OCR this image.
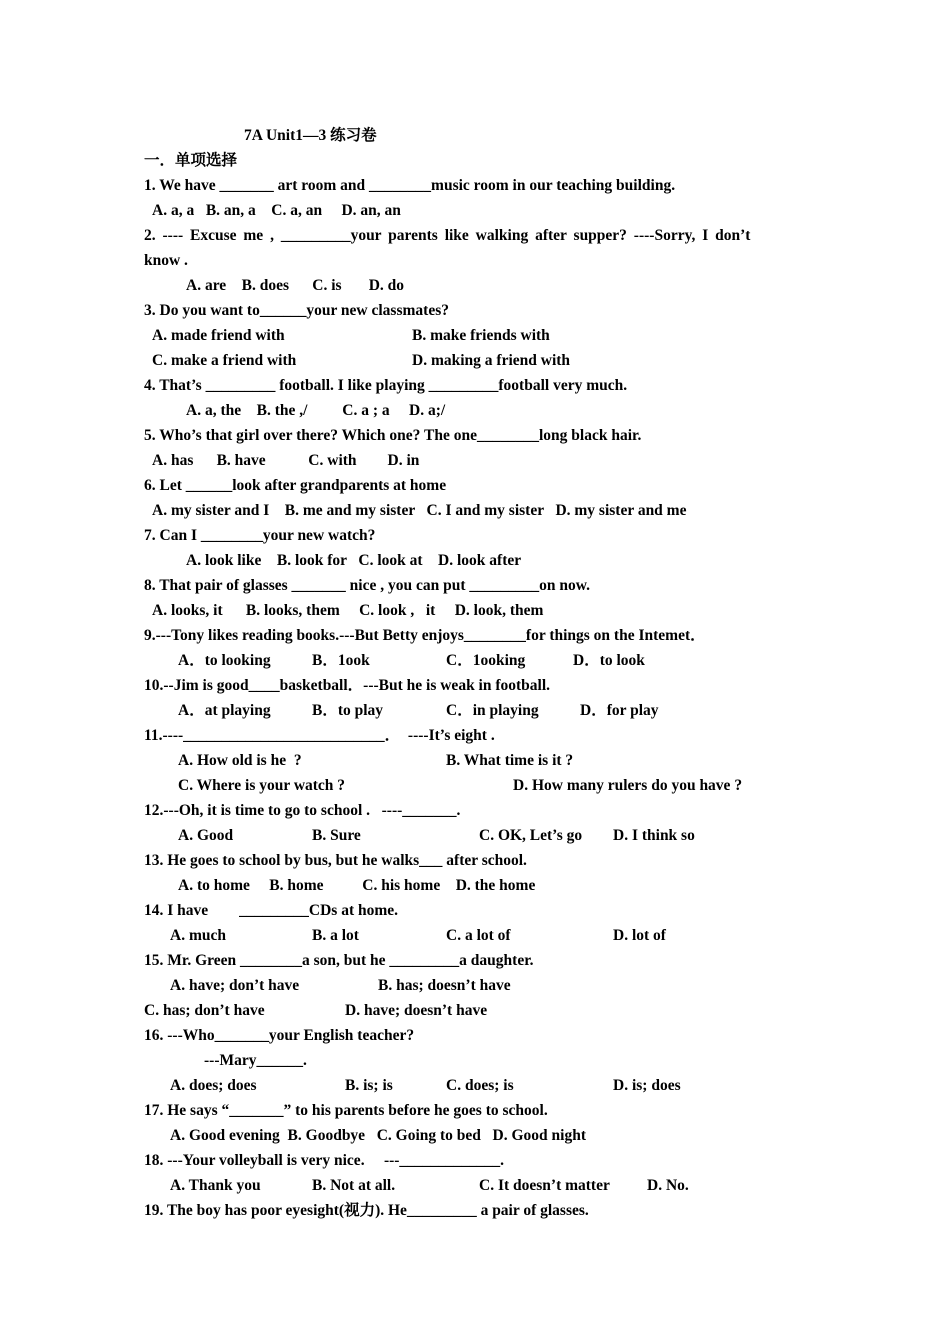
7A Unit1—3 练习卷
一．单项选择
1. We have _______ art room and ________music room in our teaching building.
A. a, a   B. an, a    C. a, an     D. an, an
2. ---- Excuse me , _________your parents like walking after supper? ----Sorry, I don’t
know .
A. are    B. does      C. is       D. do
3. Do you want to______your new classmates?
A. made friend with	B. make friends with
C. make a friend with	D. making a friend with
4. That’s _________ football. I like playing _________football very much.
A. a, the    B. the ,/         C. a ; a     D. a;/
5. Who’s that girl over there? Which one? The one________long black hair.
A. has      B. have           C. with        D. in
6. Let ______look after grandparents at home
A. my sister and I    B. me and my sister   C. I and my sister   D. my sister and me
7. Can I ________your new watch?
A. look like    B. look for   C. look at    D. look after
8. That pair of glasses _______ nice , you can put _________on now.
A. looks, it      B. looks, them     C. look ,   it     D. look, them
9.---Tony likes reading books.---But Betty enjoys________for things on the Intemet．
A．to looking	B．1ook	C．1ooking	D．to look
10.--Jim is good____basketball．---But he is weak in football.
A．at playing	B．to play	C．in playing	D．for play
11.----__________________________．  ----It’s eight .
A. How old is he  ?	B. What time is it ?
C. Where is your watch ?	D. How many rulers do you have ?
12.---Oh, it is time to go to school .   ----_______.
A. Good	B. Sure	C. OK, Let’s go D. I think so
13. He goes to school by bus, but he walks___ after school.
A. to home     B. home          C. his home    D. the home
14. I have        _________CDs at home.
A. much	B. a lot	C. a lot of	D. lot of
15. Mr. Green ________a son, but he _________a daughter.
A. have; don’t have	B. has; doesn’t have
C. has; don’t have	D. have; doesn’t have
16. ---Who_______your English teacher?
---Mary______.
A. does; does	B. is; is	C. does; is	D. is; does
17. He says “_______” to his parents before he goes to school.
A. Good evening  B. Goodbye   C. Going to bed   D. Good night
18. ---Your volleyball is very nice.     ---_____________.
A. Thank you	B. Not at all.	C. It doesn’t matter D. No.
19. The boy has poor eyesight(视力). He_________ a pair of glasses.
